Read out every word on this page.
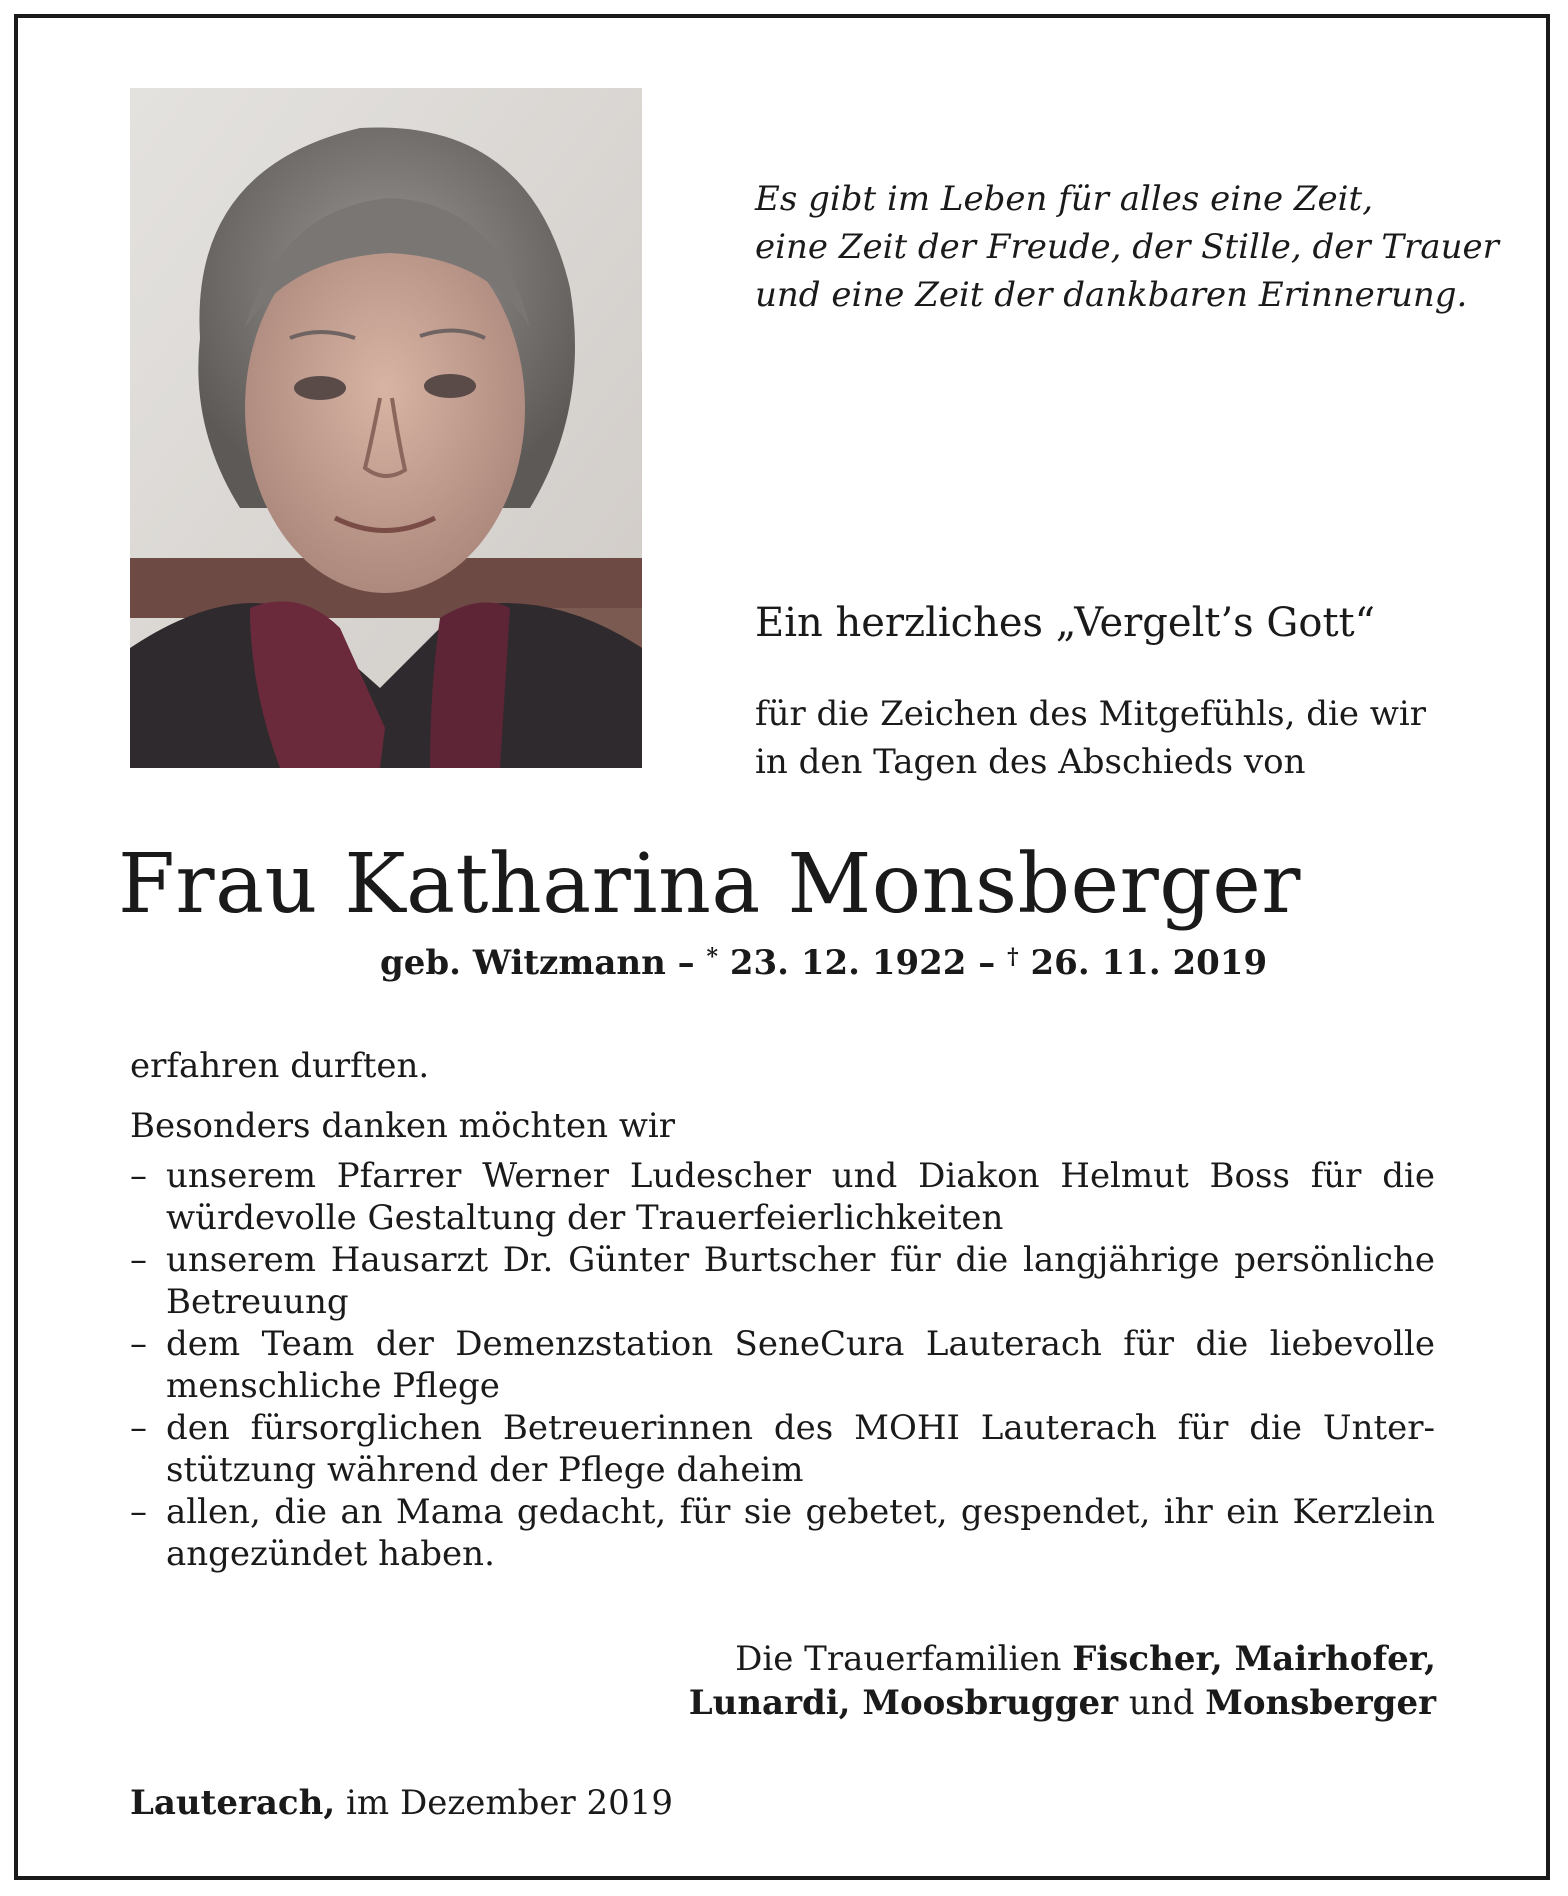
Es gibt im Leben für alles eine Zeit,
eine Zeit der Freude, der Stille, der Trauer
und eine Zeit der dankbaren Erinnerung.
Ein herzliches „Vergelt’s Gott“
für die Zeichen des Mitgefühls, die wir
in den Tagen des Abschieds von
Frau Katharina Monsberger
geb. Witzmann – * 23. 12. 1922 – † 26. 11. 2019
erfahren durften.
Besonders danken möchten wir
– unserem Pfarrer Werner Ludescher und Diakon Helmut Boss für die
würdevolle Gestaltung der Trauerfeierlichkeiten
– unserem Hausarzt Dr. Günter Burtscher für die langjährige persönliche
Betreuung
– dem Team der Demenzstation SeneCura Lauterach für die liebevolle
menschliche Pflege
– den fürsorglichen Betreuerinnen des MOHI Lauterach für die Unter-
stützung während der Pflege daheim
– allen, die an Mama gedacht, für sie gebetet, gespendet, ihr ein Kerzlein
angezündet haben.
Die Trauerfamilien Fischer, Mairhofer,
Lunardi, Moosbrugger und Monsberger
Lauterach, im Dezember 2019
